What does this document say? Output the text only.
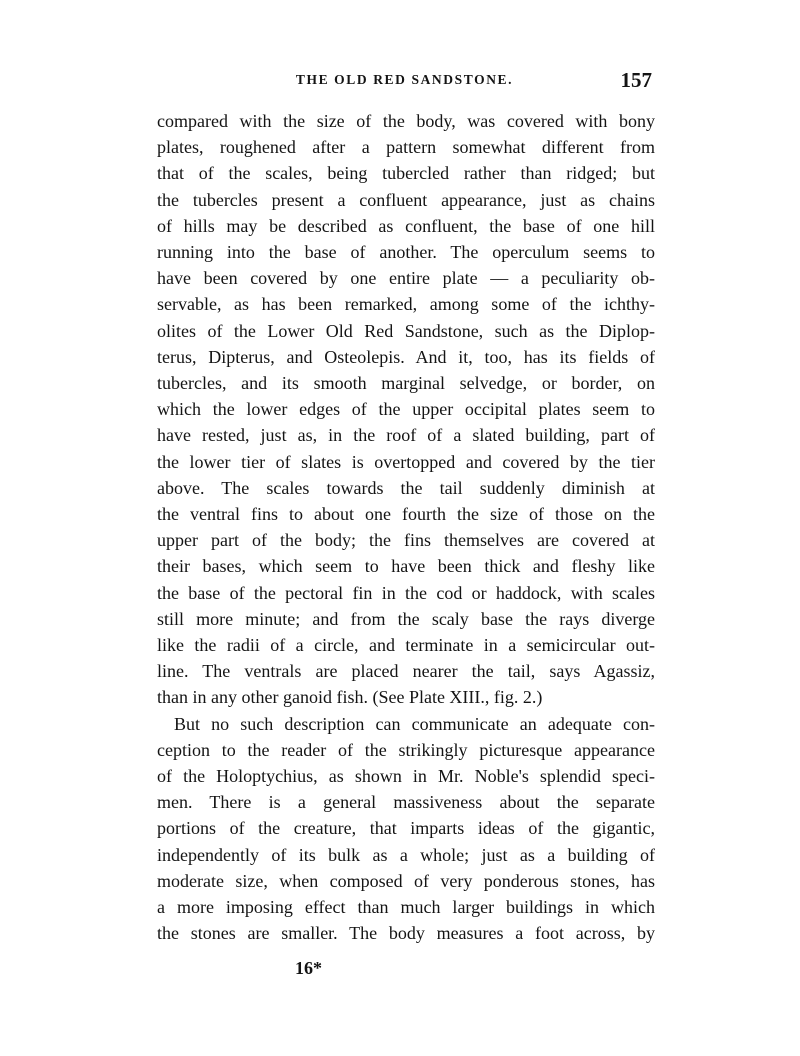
THE OLD RED SANDSTONE.	157
compared with the size of the body, was covered with bony
plates, roughened after a pattern somewhat different from
that of the scales, being tubercled rather than ridged; but
the tubercles present a confluent appearance, just as chains
of hills may be described as confluent, the base of one hill
running into the base of another. The operculum seems to
have been covered by one entire plate — a peculiarity ob-
servable, as has been remarked, among some of the ichthy-
olites of the Lower Old Red Sandstone, such as the Diplop-
terus, Dipterus, and Osteolepis. And it, too, has its fields of
tubercles, and its smooth marginal selvedge, or border, on
which the lower edges of the upper occipital plates seem to
have rested, just as, in the roof of a slated building, part of
the lower tier of slates is overtopped and covered by the tier
above. The scales towards the tail suddenly diminish at
the ventral fins to about one fourth the size of those on the
upper part of the body; the fins themselves are covered at
their bases, which seem to have been thick and fleshy like
the base of the pectoral fin in the cod or haddock, with scales
still more minute; and from the scaly base the rays diverge
like the radii of a circle, and terminate in a semicircular out-
line. The ventrals are placed nearer the tail, says Agassiz,
than in any other ganoid fish. (See Plate XIII., fig. 2.)
But no such description can communicate an adequate con-
ception to the reader of the strikingly picturesque appearance
of the Holoptychius, as shown in Mr. Noble's splendid speci-
men. There is a general massiveness about the separate
portions of the creature, that imparts ideas of the gigantic,
independently of its bulk as a whole; just as a building of
moderate size, when composed of very ponderous stones, has
a more imposing effect than much larger buildings in which
the stones are smaller. The body measures a foot across, by
16*
